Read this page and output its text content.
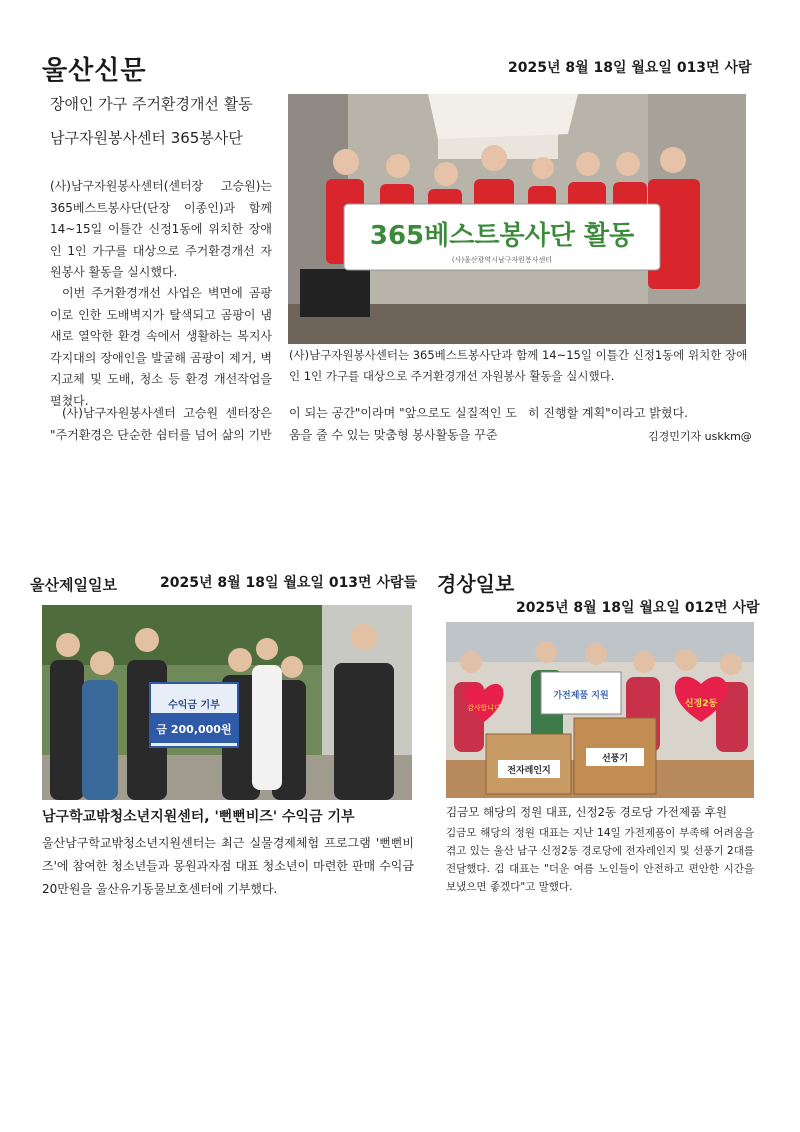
울산신문	2025년 8월 18일 월요일 013면 사람
장애인 가구 주거환경개선 활동
남구자원봉사센터 365봉사단
(사)남구자원봉사센터(센터장 고승원)는 365베스트봉사단(단장 이종인)과 함께 14~15일 이틀간 신정1동에 위치한 장애인 1인 가구를 대상으로 주거환경개선 자원봉사 활동을 실시했다.
이번 주거환경개선 사업은 벽면에 곰팡이로 인한 도배벽지가 탈색되고 곰팡이 냄새로 열악한 환경 속에서 생활하는 복지사각지대의 장애인을 발굴해 곰팡이 제거, 벽지교체 및 도배, 청소 등 환경 개선작업을 펼쳤다.
(사)남구자원봉사센터 고승원 센터장은 "주거환경은 단순한 쉼터를 넘어 삶의 기반
이 되는 공간"이라며 "앞으로도 실질적인 도움을 줄 수 있는 맞춤형 봉사활동을 꾸준
히 진행할 계획"이라고 밝혔다.
김경민기자 uskkm@
365베스트봉사단 활동
(사)울산광역시남구자원봉사센터
(사)남구자원봉사센터는 365베스트봉사단과 함께 14~15일 이틀간 신정1동에 위치한 장애인 1인 가구를 대상으로 주거환경개선 자원봉사 활동을 실시했다.
울산제일일보	2025년 8월 18일 월요일 013면 사람들
수익금 기부
금 200,000원
남구학교밖청소년지원센터, '뻔뻔비즈' 수익금 기부
울산남구학교밖청소년지원센터는 최근 실물경제체험 프로그램 '뻔뻔비즈'에 참여한 청소년들과 몽원과자점 대표 청소년이 마련한 판매 수익금 20만원을 울산유기동물보호센터에 기부했다.
경상일보
2025년 8월 18일 월요일 012면 사람
감사합니다	신정2동
가전제품 지원
전자레인지
선풍기
김금모 해당의 정원 대표, 신정2동 경로당 가전제품 후원
김금모 해당의 정원 대표는 지난 14일 가전제품이 부족해 어려움을 겪고 있는 울산 남구 신정2동 경로당에 전자레인지 및 선풍기 2대를 전달했다. 김 대표는 "더운 여름 노인들이 안전하고 편안한 시간을 보냈으면 좋겠다"고 말했다.
